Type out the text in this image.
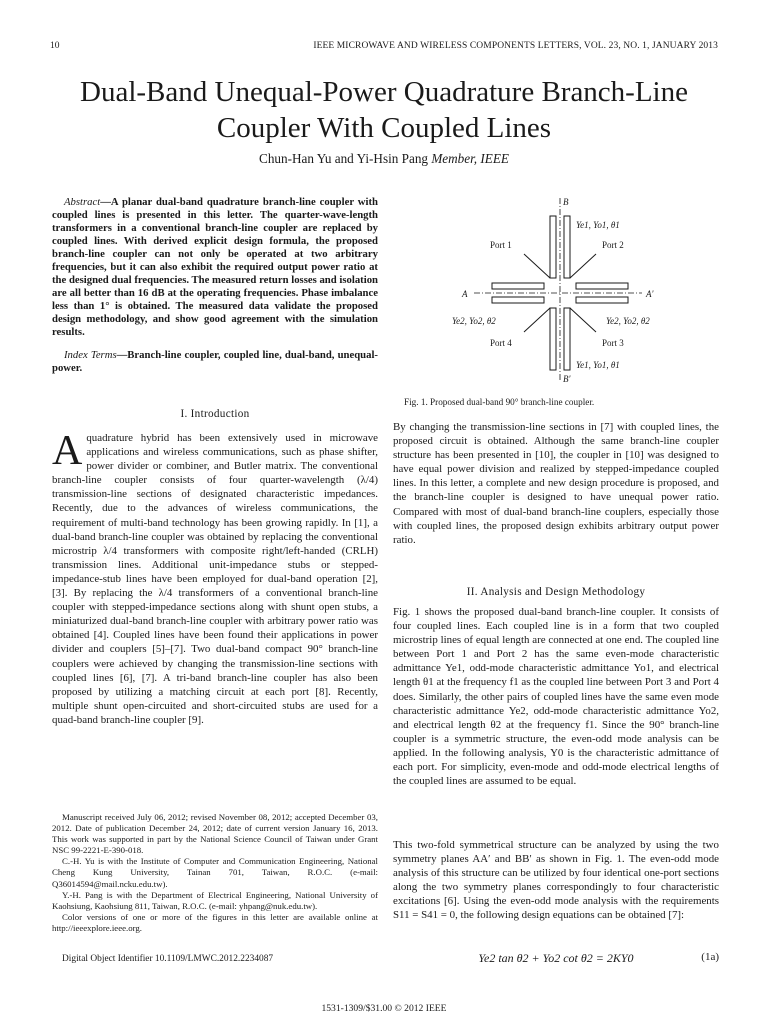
10	IEEE MICROWAVE AND WIRELESS COMPONENTS LETTERS, VOL. 23, NO. 1, JANUARY 2013
Dual-Band Unequal-Power Quadrature Branch-Line Coupler With Coupled Lines
Chun-Han Yu and Yi-Hsin Pang Member, IEEE
Abstract—A planar dual-band quadrature branch-line coupler with coupled lines is presented in this letter. The quarter-wave-length transformers in a conventional branch-line coupler are replaced by coupled lines. With derived explicit design formula, the proposed branch-line coupler can not only be operated at two arbitrary frequencies, but it can also exhibit the required output power ratio at the designed dual frequencies. The measured return losses and isolation are all better than 16 dB at the operating frequencies. Phase imbalance less than 1° is obtained. The measured data validate the proposed design methodology, and show good agreement with the simulation results.
Index Terms—Branch-line coupler, coupled line, dual-band, unequal-power.
I. Introduction
Aquadrature hybrid has been extensively used in microwave applications and wireless communications, such as phase shifter, power divider or combiner, and Butler matrix. The conventional branch-line coupler consists of four quarter-wavelength (λ/4) transmission-line sections of designated characteristic impedances. Recently, due to the advances of wireless communications, the requirement of multi-band technology has been growing rapidly. In [1], a dual-band branch-line coupler was obtained by replacing the conventional microstrip λ/4 transformers with composite right/left-handed (CRLH) transmission lines. Additional unit-impedance stubs or stepped-impedance-stub lines have been employed for dual-band operation [2], [3]. By replacing the λ/4 transformers of a conventional branch-line coupler with stepped-impedance sections along with shunt open stubs, a miniaturized dual-band branch-line coupler with arbitrary power ratio was obtained [4]. Coupled lines have been found their applications in power divider and couplers [5]–[7]. Two dual-band compact 90° branch-line couplers were achieved by changing the transmission-line sections with coupled lines [6], [7]. A tri-band branch-line coupler has also been proposed by utilizing a matching circuit at each port [8]. Recently, multiple shunt open-circuited and short-circuited stubs are used for a quad-band branch-line coupler [9].

Manuscript received July 06, 2012; revised November 08, 2012; accepted December 03, 2012. Date of publication December 24, 2012; date of current version January 16, 2013. This work was supported in part by the National Science Council of Taiwan under Grant NSC 99-2221-E-390-018.

C.-H. Yu is with the Institute of Computer and Communication Engineering, National Cheng Kung University, Tainan 701, Taiwan, R.O.C. (e-mail: Q36014594@mail.ncku.edu.tw).

Y.-H. Pang is with the Department of Electrical Engineering, National University of Kaohsiung, Kaohsiung 811, Taiwan, R.O.C. (e-mail: yhpang@nuk.edu.tw).

Color versions of one or more of the figures in this letter are available online at http://ieeexplore.ieee.org.

Digital Object Identifier 10.1109/LMWC.2012.2234087
B
B'
A	A'
Ye1, Yo1, θ1
Ye1, Yo1, θ1
Ye2, Yo2, θ2	Ye2, Yo2, θ2
Port 1	Port 2
Port 4	Port 3
Fig. 1. Proposed dual-band 90° branch-line coupler.
By changing the transmission-line sections in [7] with coupled lines, the proposed circuit is obtained. Although the same branch-line coupler structure has been presented in [10], the coupler in [10] was designed to have equal power division and realized by stepped-impedance coupled lines. In this letter, a complete and new design procedure is proposed, and the branch-line coupler is designed to have unequal power ratio. Compared with most of dual-band branch-line couplers, especially those with coupled lines, the proposed design exhibits arbitrary output power ratio.
II. Analysis and Design Methodology
Fig. 1 shows the proposed dual-band branch-line coupler. It consists of four coupled lines. Each coupled line is in a form that two coupled microstrip lines of equal length are connected at one end. The coupled line between Port 1 and Port 2 has the same even-mode characteristic admittance Ye1, odd-mode characteristic admittance Yo1, and electrical length θ1 at the frequency f1 as the coupled line between Port 3 and Port 4 does. Similarly, the other pairs of coupled lines have the same even mode characteristic admittance Ye2, odd-mode characteristic admittance Yo2, and electrical length θ2 at the frequency f1. Since the 90° branch-line coupler is a symmetric structure, the even-odd mode analysis can be applied. In the following analysis, Y0 is the characteristic admittance of each port. For simplicity, even-mode and odd-mode electrical lengths of the coupled lines are assumed to be equal.
This two-fold symmetrical structure can be analyzed by using the two symmetry planes AA′ and BB′ as shown in Fig. 1. The even-odd mode analysis of this structure can be utilized by four identical one-port sections along the two symmetry planes correspondingly to four characteristic excitations [6]. Using the even-odd mode analysis with the requirements S11 = S41 = 0, the following design equations can be obtained [7]:
Ye2 tan θ2 + Yo2 cot θ2 = 2KY0	(1a)
1531-1309/$31.00 © 2012 IEEE
